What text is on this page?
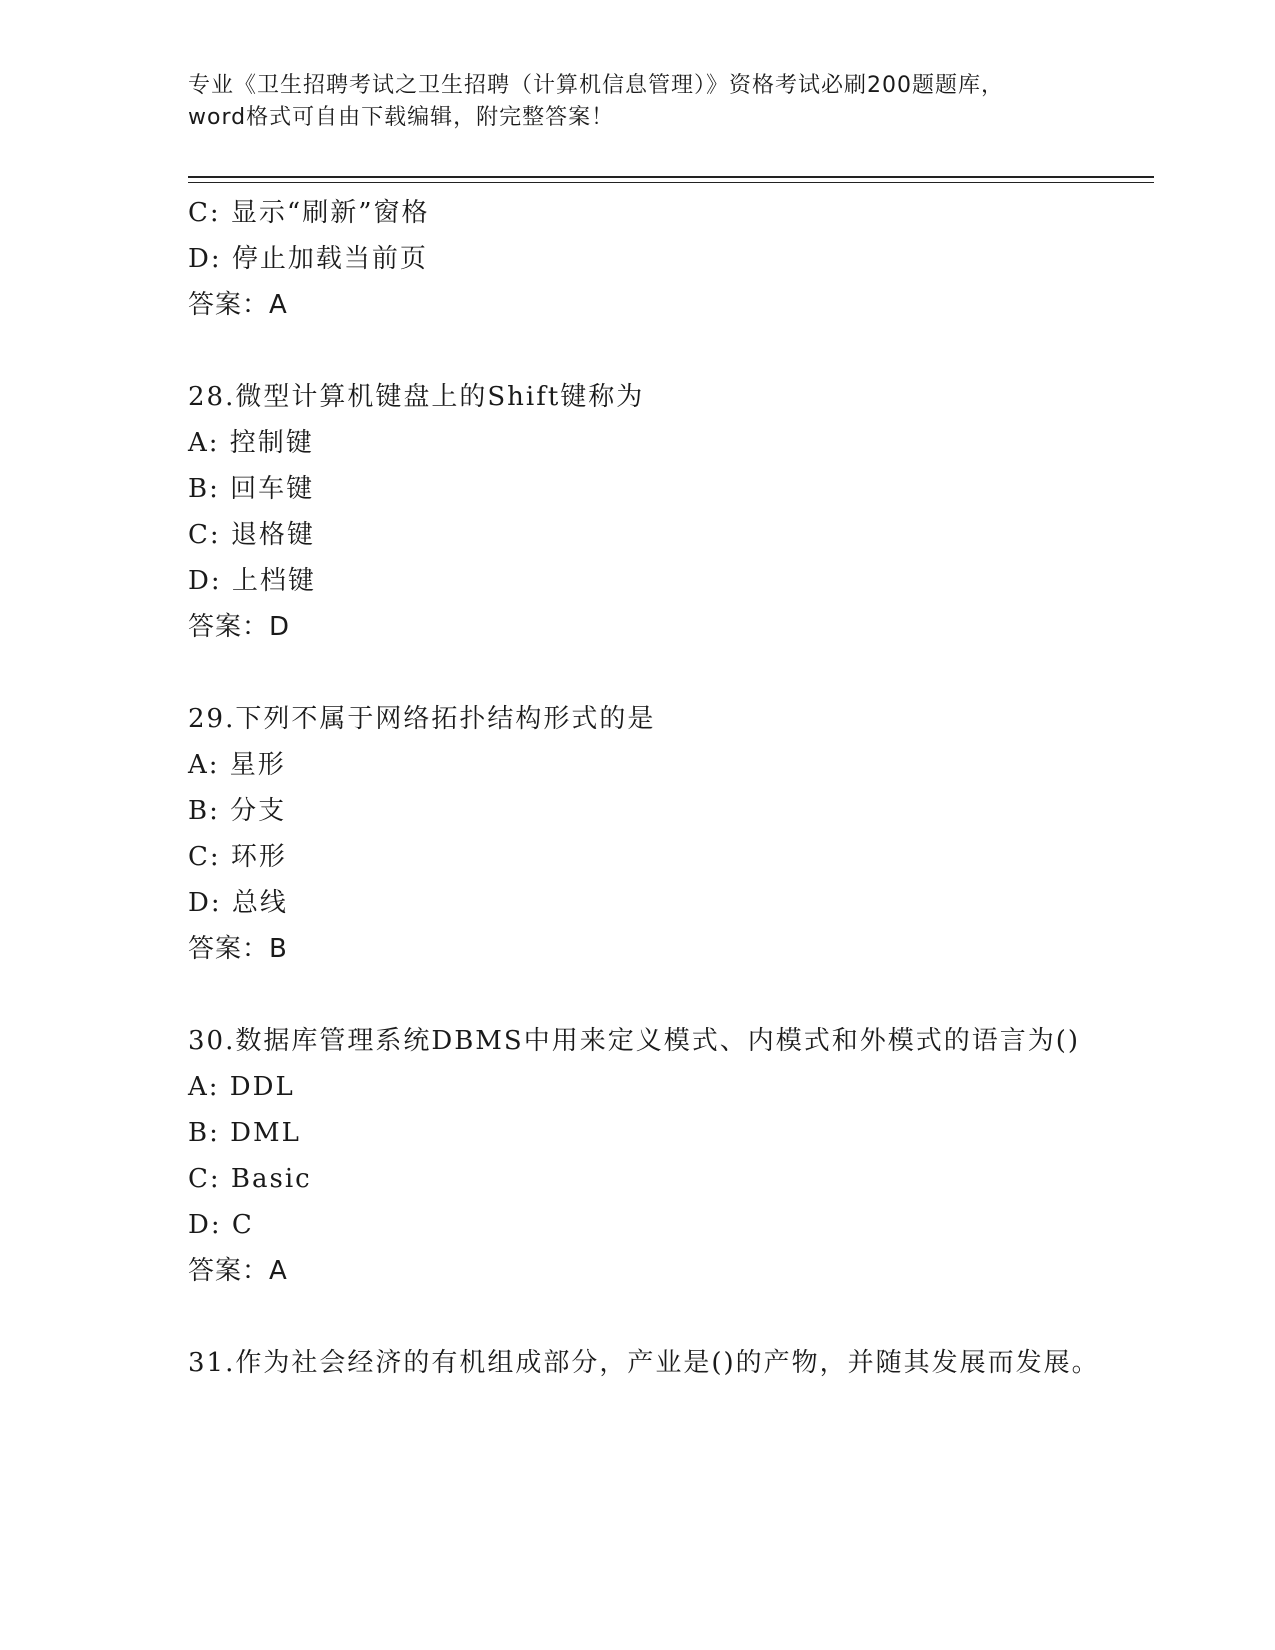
专业《卫生招聘考试之卫生招聘（计算机信息管理）》资格考试必刷200题题库，
word格式可自由下载编辑，附完整答案！
C: 显示“刷新”窗格
D: 停止加载当前页
答案：A
28.微型计算机键盘上的Shift键称为
A: 控制键
B: 回车键
C: 退格键
D: 上档键
答案：D
29.下列不属于网络拓扑结构形式的是
A: 星形
B: 分支
C: 环形
D: 总线
答案：B
30.数据库管理系统DBMS中用来定义模式、内模式和外模式的语言为()
A: DDL
B: DML
C: Basic
D: C
答案：A
31.作为社会经济的有机组成部分，产业是()的产物，并随其发展而发展。
